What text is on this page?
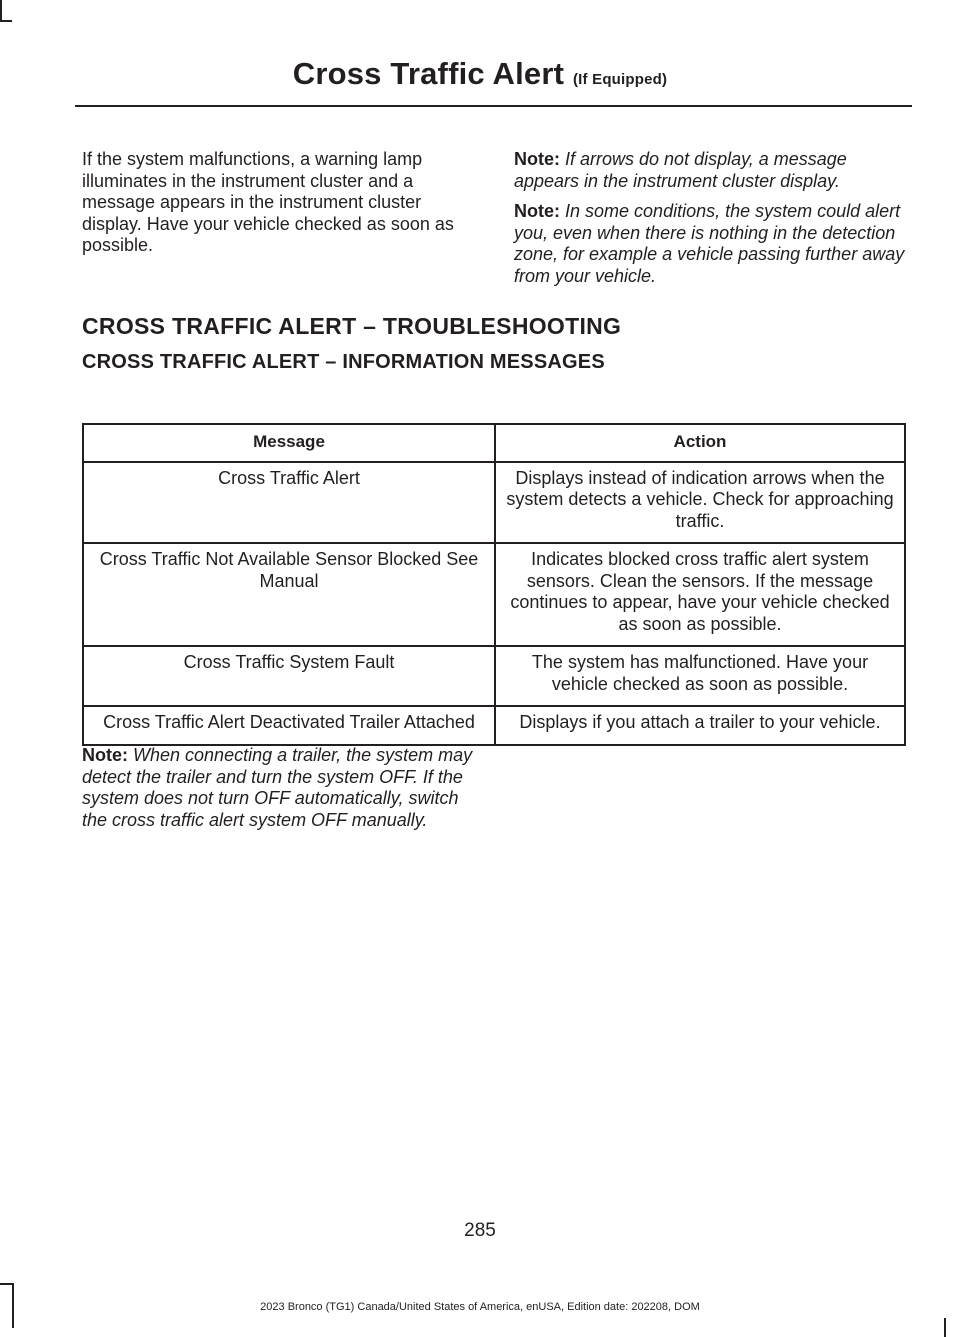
Cross Traffic Alert (If Equipped)

If the system malfunctions, a warning lamp illuminates in the instrument cluster and a message appears in the instrument cluster display. Have your vehicle checked as soon as possible.

Note: If arrows do not display, a message appears in the instrument cluster display.

Note: In some conditions, the system could alert you, even when there is nothing in the detection zone, for example a vehicle passing further away from your vehicle.

CROSS TRAFFIC ALERT – TROUBLESHOOTING
CROSS TRAFFIC ALERT – INFORMATION MESSAGES
Message	Action
Cross Traffic Alert	Displays instead of indication arrows when the system detects a vehicle. Check for approaching traffic.
Cross Traffic Not Available Sensor Blocked See Manual	Indicates blocked cross traffic alert system sensors. Clean the sensors. If the message continues to appear, have your vehicle checked as soon as possible.
Cross Traffic System Fault	The system has malfunctioned. Have your vehicle checked as soon as possible.
Cross Traffic Alert Deactivated Trailer Attached	Displays if you attach a trailer to your vehicle.

Note: When connecting a trailer, the system may detect the trailer and turn the system OFF. If the system does not turn OFF automatically, switch the cross traffic alert system OFF manually.

285
2023 Bronco (TG1) Canada/United States of America, enUSA, Edition date: 202208, DOM
